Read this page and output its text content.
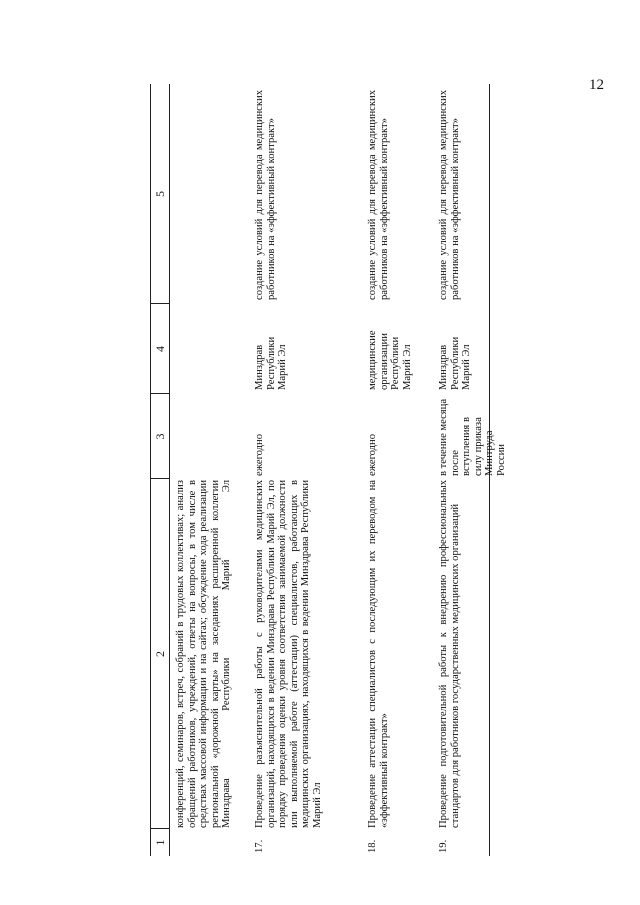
12
1
2
3
4
5
конференций, семинаров, встреч, собраний в трудовых коллективах; анализ обращений работников, учреждений, ответы на вопросы, в том числе в средствах массовой информации и на сайтах; обсуждение хода реализации региональной «дорожной карты» на заседаниях расширенной коллегии Минздрава Республики Марий Эл
17.
Проведение разъяснительной работы с руководителями медицинских организаций, находящихся в ведении Минздрава Республики Марий Эл, по порядку проведения оценки уровня соответствия занимаемой должности или выполняемой работе (аттестации) специалистов, работающих в медицинских организациях, находящихся в ведении Минздрава Республики Марий Эл
ежегодно
Минздрав Республики Марий Эл
создание условий для перевода медицинских работников на «эффективный контракт»
18.
Проведение аттестации специалистов с последующим их переводом на «эффективный контракт»
ежегодно
медицинские организации Республики Марий Эл
создание условий для перевода медицинских работников на «эффективный контракт»
19.
Проведение подготовительной работы к внедрению профессиональных стандартов для работников государственных медицинских организаций
в течение месяца после вступления в силу приказа Минтруда России
Минздрав Республики Марий Эл
создание условий для перевода медицинских работников на «эффективный контракт»
